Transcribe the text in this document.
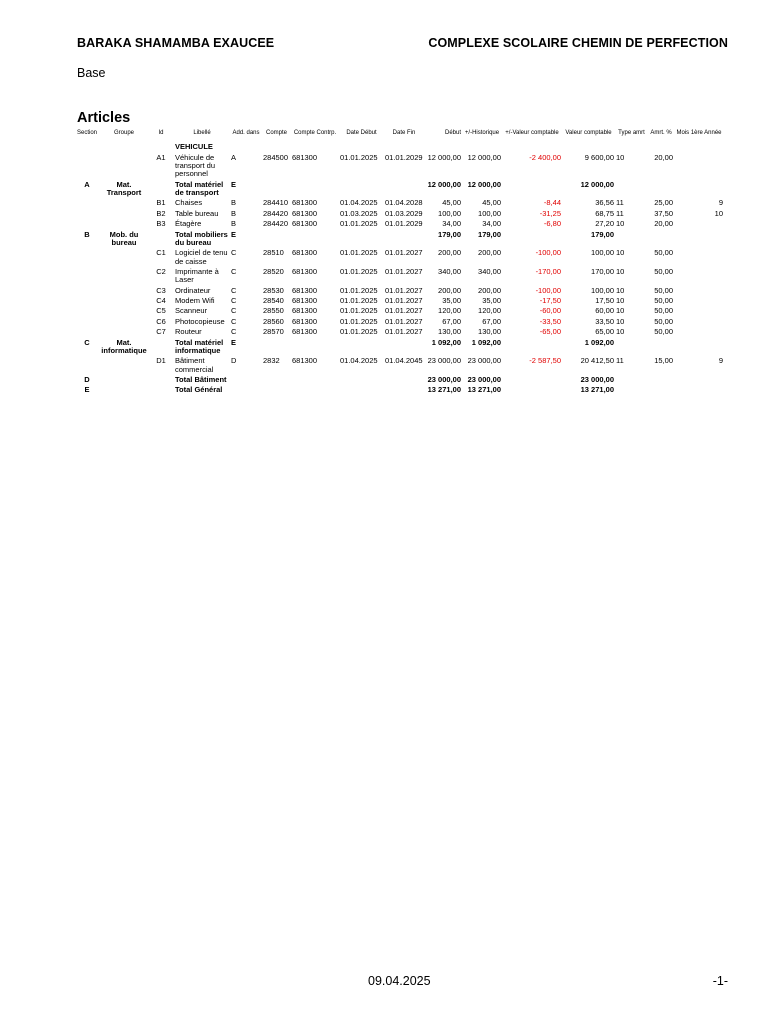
BARAKA SHAMAMBA EXAUCEE	COMPLEXE SCOLAIRE CHEMIN DE PERFECTION
Base
Articles
Section	Groupe	Id	Libellé	Add. dans	Compte	Compte Contrp.	Date Début	Date Fin	Début	+/-Historique	+/-Valeur comptable	Valeur comptable	Type amrt	Amrt. %	Mois 1ère Année
			VEHICULE												
		A1	Véhicule de transport du personnel	A	284500	681300	01.01.2025	01.01.2029	12 000,00	12 000,00	-2 400,00	9 600,00	10	20,00	
A	Mat. Transport		Total matériel de transport	E					12 000,00	12 000,00		12 000,00			
		B1	Chaises	B	284410	681300	01.04.2025	01.04.2028	45,00	45,00	-8,44	36,56	11	25,00	9
		B2	Table bureau	B	284420	681300	01.03.2025	01.03.2029	100,00	100,00	-31,25	68,75	11	37,50	10
		B3	Étagère	B	284420	681300	01.01.2025	01.01.2029	34,00	34,00	-6,80	27,20	10	20,00	
B	Mob. du bureau		Total mobiliers du bureau	E					179,00	179,00		179,00			
		C1	Logiciel de tenu de caisse	C	28510	681300	01.01.2025	01.01.2027	200,00	200,00	-100,00	100,00	10	50,00	
		C2	Imprimante à Laser	C	28520	681300	01.01.2025	01.01.2027	340,00	340,00	-170,00	170,00	10	50,00	
		C3	Ordinateur	C	28530	681300	01.01.2025	01.01.2027	200,00	200,00	-100,00	100,00	10	50,00	
		C4	Modem Wifi	C	28540	681300	01.01.2025	01.01.2027	35,00	35,00	-17,50	17,50	10	50,00	
		C5	Scanneur	C	28550	681300	01.01.2025	01.01.2027	120,00	120,00	-60,00	60,00	10	50,00	
		C6	Photocopieuse	C	28560	681300	01.01.2025	01.01.2027	67,00	67,00	-33,50	33,50	10	50,00	
		C7	Routeur	C	28570	681300	01.01.2025	01.01.2027	130,00	130,00	-65,00	65,00	10	50,00	
C	Mat. informatique		Total matériel informatique	E					1 092,00	1 092,00		1 092,00			
		D1	Bâtiment commercial	D	2832	681300	01.04.2025	01.04.2045	23 000,00	23 000,00	-2 587,50	20 412,50	11	15,00	9
D			Total Bâtiment						23 000,00	23 000,00		23 000,00			
E			Total Général						13 271,00	13 271,00		13 271,00			
09.04.2025	-1-
